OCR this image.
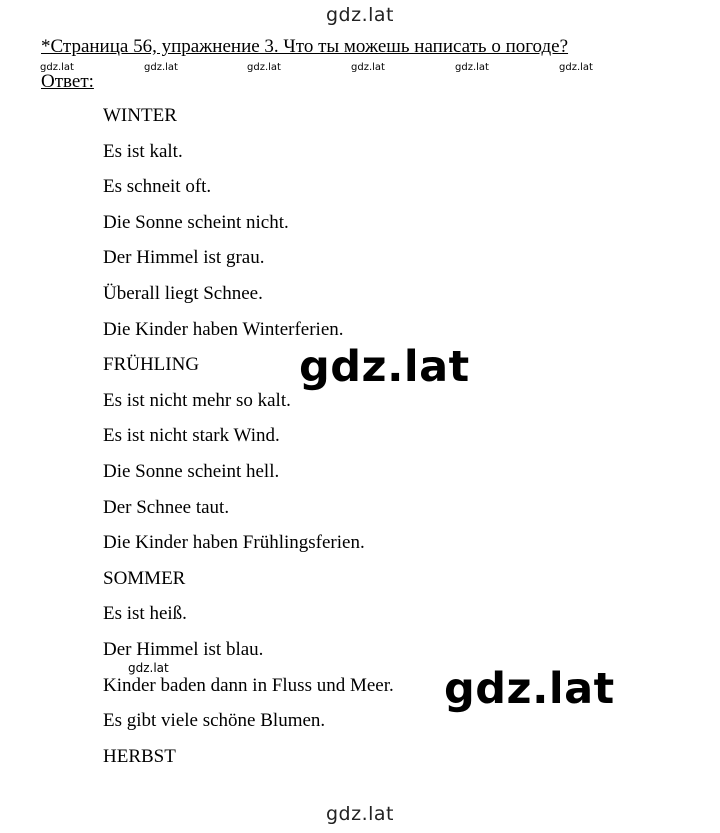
gdz.lat
*Страница 56, упражнение 3. Что ты можешь написать о погоде?
gdz.lat	gdz.lat	gdz.lat	gdz.lat	gdz.lat	gdz.lat
Ответ:
WINTER
Es ist kalt.
Es schneit oft.
Die Sonne scheint nicht.
Der Himmel ist grau.
Überall liegt Schnee.
Die Kinder haben Winterferien.
FRÜHLING
Es ist nicht mehr so kalt.
Es ist nicht stark Wind.
Die Sonne scheint hell.
Der Schnee taut.
Die Kinder haben Frühlingsferien.
SOMMER
Es ist heiß.
Der Himmel ist blau.
Kinder baden dann in Fluss und Meer.
Es gibt viele schöne Blumen.
HERBST
gdz.lat
gdz.lat
gdz.lat
gdz.lat
